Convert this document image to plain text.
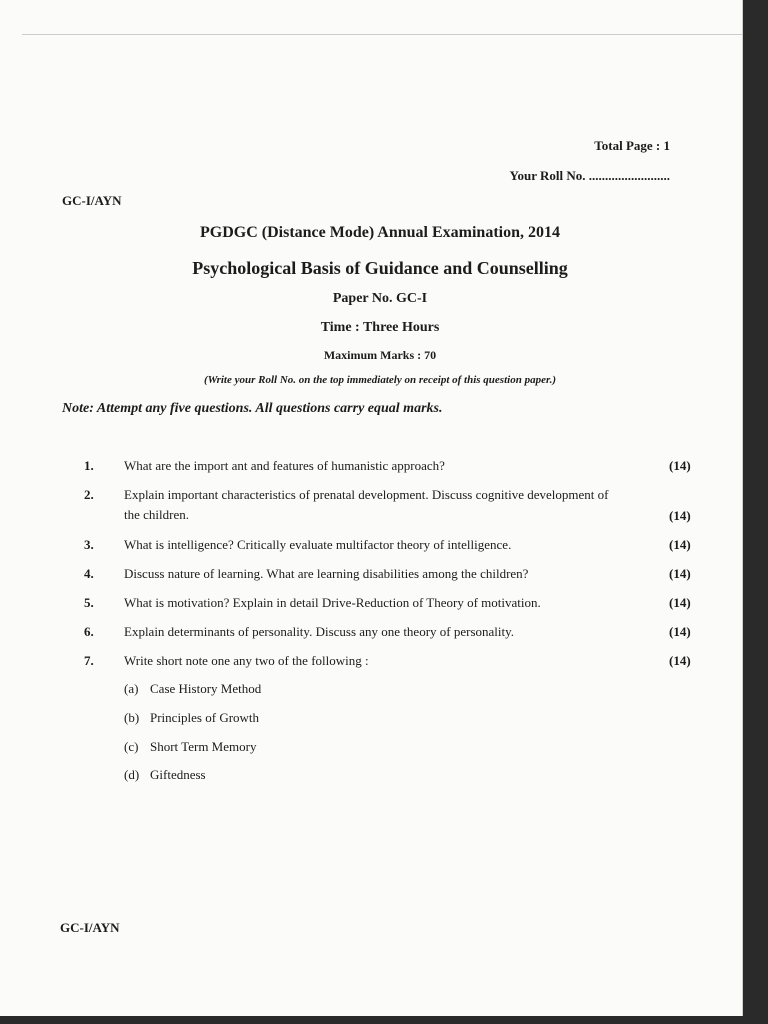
Total Page : 1
Your Roll No. .........................
GC-I/AYN
PGDGC (Distance Mode) Annual Examination, 2014
Psychological Basis of Guidance and Counselling
Paper No. GC-I
Time : Three Hours
Maximum Marks : 70
(Write your Roll No. on the top immediately on receipt of this question paper.)
Note: Attempt any five questions. All questions carry equal marks.
1.	What are the import ant and features of humanistic approach?	(14)
2.	Explain important characteristics of prenatal development. Discuss cognitive development of
the children.	(14)
3.	What is intelligence? Critically evaluate multifactor theory of intelligence.	(14)
4.	Discuss nature of learning. What are learning disabilities among the children?	(14)
5.	What is motivation? Explain in detail Drive-Reduction of Theory of motivation.	(14)
6.	Explain determinants of personality. Discuss any one theory of personality.	(14)
7.	Write short note one any two of the following :	(14)
(a) Case History Method
(b) Principles of Growth
(c) Short Term Memory
(d) Giftedness
GC-I/AYN
